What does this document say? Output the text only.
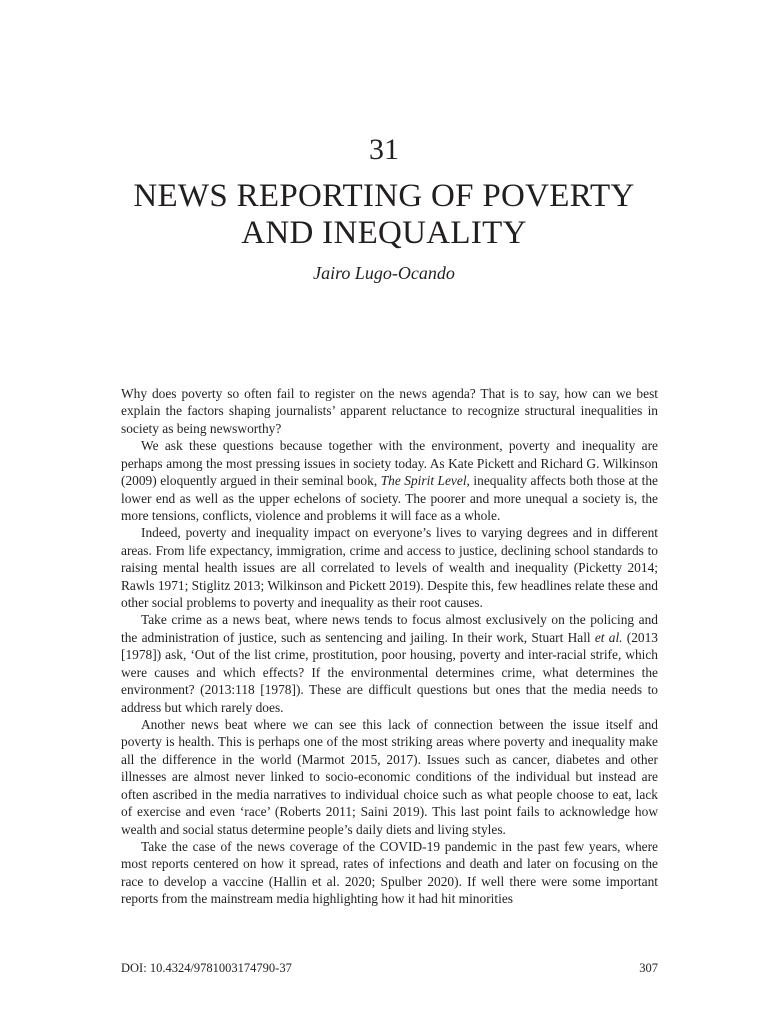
31
NEWS REPORTING OF POVERTY
AND INEQUALITY
Jairo Lugo-Ocando

Why does poverty so often fail to register on the news agenda? That is to say, how can we best explain the factors shaping journalists’ apparent reluctance to recognize structural inequalities in society as being newsworthy?

We ask these questions because together with the environment, poverty and inequality are perhaps among the most pressing issues in society today. As Kate Pickett and Richard G. Wilkinson (2009) eloquently argued in their seminal book, The Spirit Level, inequality affects both those at the lower end as well as the upper echelons of society. The poorer and more unequal a society is, the more tensions, conflicts, violence and problems it will face as a whole.

Indeed, poverty and inequality impact on everyone’s lives to varying degrees and in different areas. From life expectancy, immigration, crime and access to justice, declining school standards to raising mental health issues are all correlated to levels of wealth and inequality (Picketty 2014; Rawls 1971; Stiglitz 2013; Wilkinson and Pickett 2019). Despite this, few headlines relate these and other social problems to poverty and inequality as their root causes.

Take crime as a news beat, where news tends to focus almost exclusively on the policing and the administration of justice, such as sentencing and jailing. In their work, Stuart Hall et al. (2013 [1978]) ask, ‘Out of the list crime, prostitution, poor housing, poverty and inter-racial strife, which were causes and which effects? If the environmental determines crime, what determines the environment? (2013:118 [1978]). These are difficult questions but ones that the media needs to address but which rarely does.

Another news beat where we can see this lack of connection between the issue itself and poverty is health. This is perhaps one of the most striking areas where poverty and inequality make all the difference in the world (Marmot 2015, 2017). Issues such as cancer, diabetes and other illnesses are almost never linked to socio-economic conditions of the individual but instead are often ascribed in the media narratives to individual choice such as what people choose to eat, lack of exercise and even ‘race’ (Roberts 2011; Saini 2019). This last point fails to acknowledge how wealth and social status determine people’s daily diets and living styles.

Take the case of the news coverage of the COVID-19 pandemic in the past few years, where most reports centered on how it spread, rates of infections and death and later on focusing on the race to develop a vaccine (Hallin et al. 2020; Spulber 2020). If well there were some important reports from the mainstream media highlighting how it had hit minorities

DOI: 10.4324/9781003174790-37	307
